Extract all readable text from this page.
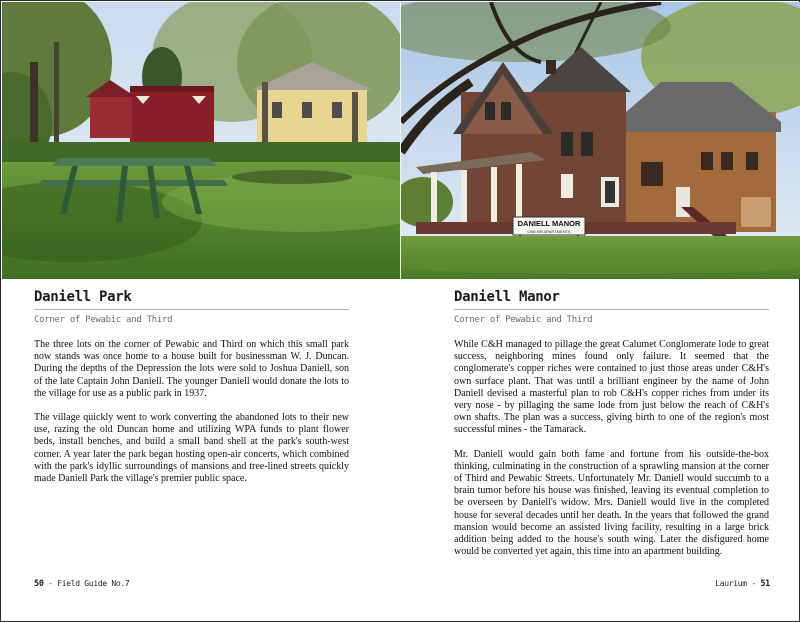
Daniell Park
Corner of Pewabic and Third

The three lots on the corner of Pewabic and Third on which this small park now stands was once home to a house built for businessman W. J. Duncan. During the depths of the Depression the lots were sold to Joshua Daniell, son of the late Captain John Daniell. The younger Daniell would donate the lots to the village for use as a public park in 1937.

The village quickly went to work converting the abandoned lots to their new use, razing the old Duncan home and utilizing WPA funds to plant flower beds, install benches, and build a small band shell at the park's south-west corner. A year later the park began hosting open-air concerts, which combined with the park's idyllic surroundings of mansions and tree-lined streets quickly made Daniell Park the village's premier public space.

50 - Field Guide No.7
DANIELL MANOR
ONE BR APARTMENTS
Daniell Manor
Corner of Pewabic and Third

While C&H managed to pillage the great Calumet Conglomerate lode to great success, neighboring mines found only failure. It seemed that the conglomerate's copper riches were contained to just those areas under C&H's own surface plant. That was until a brilliant engineer by the name of John Daniell devised a masterful plan to rob C&H's copper riches from under its very nose - by pillaging the same lode from just below the reach of C&H's own shafts. The plan was a success, giving birth to one of the region's most successful mines - the Tamarack.

Mr. Daniell would gain both fame and fortune from his outside-the-box thinking, culminating in the construction of a sprawling mansion at the corner of Third and Pewabic Streets. Unfortunately Mr. Daniell would succumb to a brain tumor before his house was finished, leaving its eventual completion to be overseen by Daniell's widow. Mrs. Daniell would live in the completed house for several decades until her death. In the years that followed the grand mansion would become an assisted living facility, resulting in a large brick addition being added to the house's south wing. Later the disfigured home would be converted yet again, this time into an apartment building.

Laurium - 51
